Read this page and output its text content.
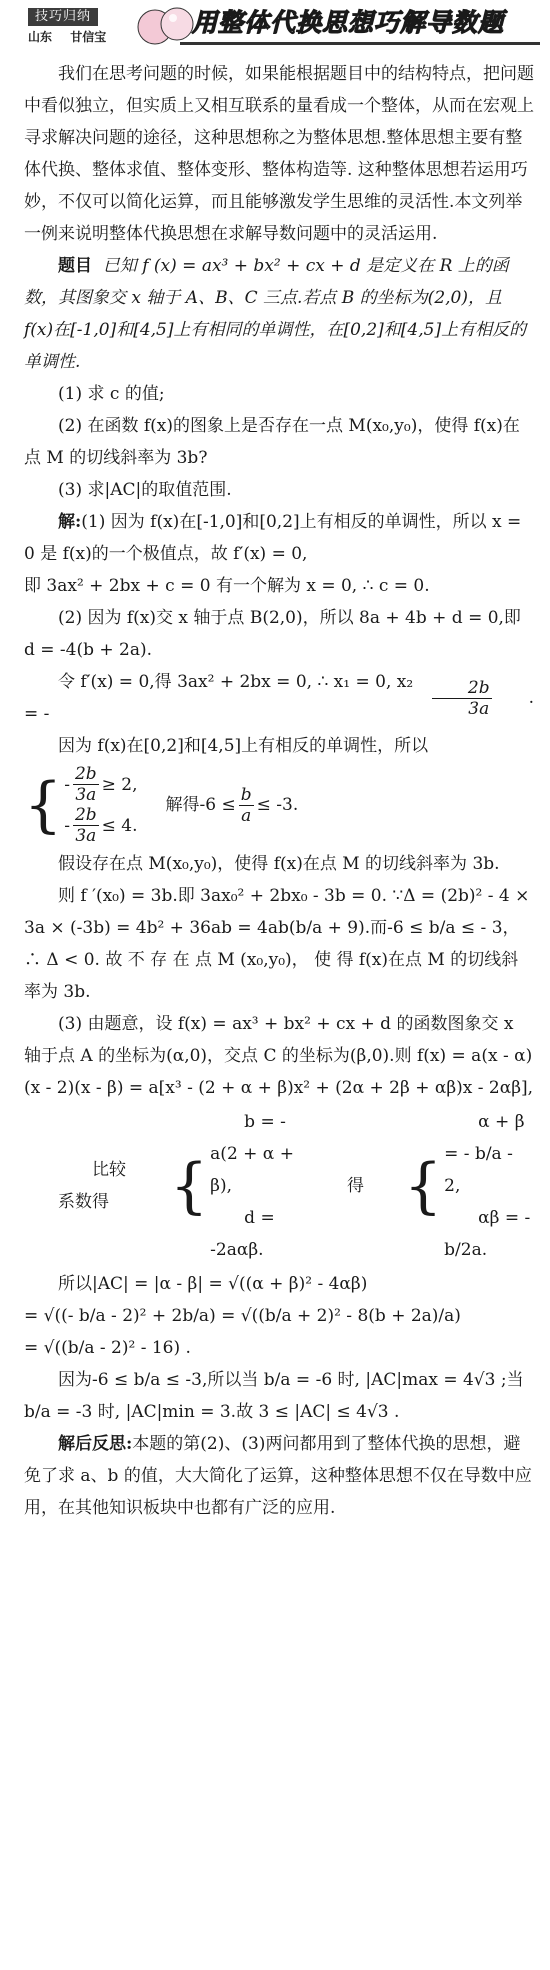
技巧归纳
山东 甘信宝	用整体代换思想巧解导数题

我们在思考问题的时候，如果能根据题目中的结构特点，把问题中看似独立，但实质上又相互联系的量看成一个整体，从而在宏观上寻求解决问题的途径，这种思想称之为整体思想.整体思想主要有整体代换、整体求值、整体变形、整体构造等. 这种整体思想若运用巧妙，不仅可以简化运算，而且能够激发学生思维的灵活性.本文列举一例来说明整体代换思想在求解导数问题中的灵活运用.

题目 已知 f (x) = ax³ + bx² + cx + d 是定义在 R 上的函数，其图象交 x 轴于 A、B、C 三点.若点 B 的坐标为(2,0)，且 f(x)在[-1,0]和[4,5]上有相同的单调性，在[0,2]和[4,5]上有相反的单调性.

(1) 求 c 的值;

(2) 在函数 f(x)的图象上是否存在一点 M(x₀,y₀)，使得 f(x)在点 M 的切线斜率为 3b?

(3) 求|AC|的取值范围.

解:(1) 因为 f(x)在[-1,0]和[0,2]上有相反的单调性，所以 x = 0 是 f(x)的一个极值点，故 f′(x) = 0,

即 3ax² + 2bx + c = 0 有一个解为 x = 0, ∴ c = 0.

(2) 因为 f(x)交 x 轴于点 B(2,0)，所以 8a + 4b + d = 0,即 d = -4(b + 2a).

令 f′(x) = 0,得 3ax² + 2bx = 0, ∴ x₁ = 0, x₂ = -	$\frac{2b}{3a}$ .

因为 f(x)在[0,2]和[4,5]上有相反的单调性，所以

{ - $\frac{2b}{3a} \ge 2$,
- $\frac{2b}{3a} \le 4$.
解得$-6 \le \frac{b}{a} \le -3$.

假设存在点 M(x₀,y₀)，使得 f(x)在点 M 的切线斜率为 3b.

则 f ′(x₀) = 3b.即 3ax₀² + 2bx₀ - 3b = 0. ∵Δ = (2b)² - 4 × 3a × (-3b) = 4b² + 36ab = 4ab(b/a + 9).而-6 ≤ b/a ≤ - 3， ∴ Δ < 0. 故 不 存 在 点 M (x₀,y₀)， 使 得 f(x)在点 M 的切线斜率为 3b.

(3) 由题意，设 f(x) = ax³ + bx² + cx + d 的函数图象交 x 轴于点 A 的坐标为(α,0)，交点 C 的坐标为(β,0).则 f(x) = a(x - α)(x - 2)(x - β) = a[x³ - (2 + α + β)x² + (2α + 2β + αβ)x - 2αβ],

比较系数得	{
b = -a(2 + α + β),
d = -2aαβ.
得 {
α + β = - b/a - 2,
αβ = - b/2a.

所以|AC| = |α - β| = √((α + β)² - 4αβ)

= √((- b/a - 2)² + 2b/a) = √((b/a + 2)² - 8(b + 2a)/a)

= √((b/a - 2)² - 16) .

因为-6 ≤ b/a ≤ -3,所以当 b/a = -6 时, |AC|max = 4√3 ;当 b/a = -3 时, |AC|min = 3.故 3 ≤ |AC| ≤ 4√3 .

解后反思:本题的第(2)、(3)两问都用到了整体代换的思想，避免了求 a、b 的值，大大简化了运算，这种整体思想不仅在导数中应用，在其他知识板块中也都有广泛的应用.
